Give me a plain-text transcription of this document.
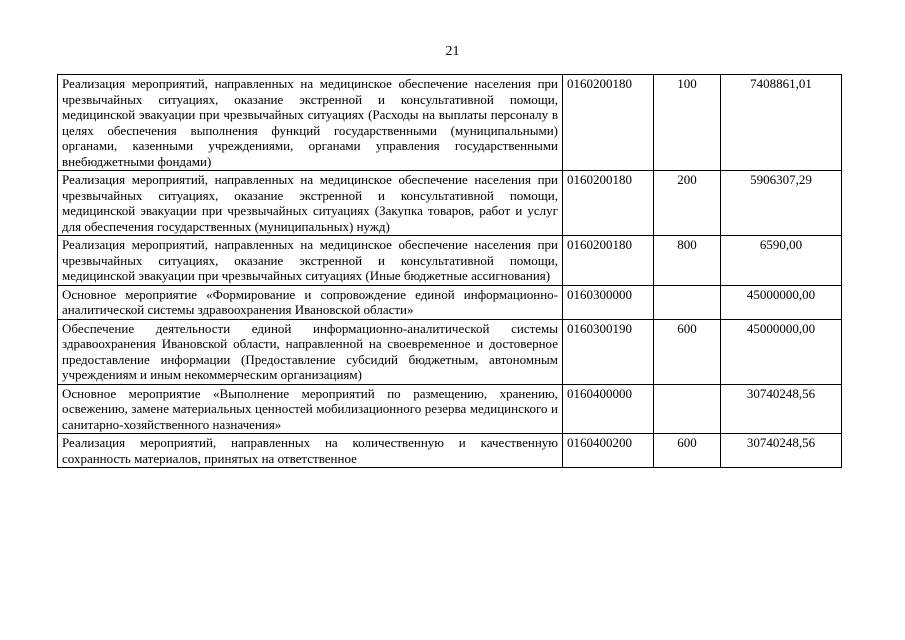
21
Реализация мероприятий, направленных на медицинское обеспечение населения при чрезвычайных ситуациях, оказание экстренной и консультативной помощи, медицинской эвакуации при чрезвычайных ситуациях (Расходы на выплаты персоналу в целях обеспечения выполнения функций государственными (муниципальными) органами, казенными учреждениями, органами управления государственными внебюджетными фондами)	0160200180	100	7408861,01
Реализация мероприятий, направленных на медицинское обеспечение населения при чрезвычайных ситуациях, оказание экстренной и консультативной помощи, медицинской эвакуации при чрезвычайных ситуациях (Закупка товаров, работ и услуг для обеспечения государственных (муниципальных) нужд)	0160200180	200	5906307,29
Реализация мероприятий, направленных на медицинское обеспечение населения при чрезвычайных ситуациях, оказание экстренной и консультативной помощи, медицинской эвакуации при чрезвычайных ситуациях (Иные бюджетные ассигнования)	0160200180	800	6590,00
Основное мероприятие «Формирование и сопровождение единой информационно-аналитической системы здравоохранения Ивановской области»	0160300000		45000000,00
Обеспечение деятельности единой информационно-аналитической системы здравоохранения Ивановской области, направленной на своевременное и достоверное предоставление информации (Предоставление субсидий бюджетным, автономным учреждениям и иным некоммерческим организациям)	0160300190	600	45000000,00
Основное мероприятие «Выполнение мероприятий по размещению, хранению, освежению, замене материальных ценностей мобилизационного резерва медицинского и санитарно-хозяйственного назначения»	0160400000		30740248,56
Реализация мероприятий, направленных на количественную и качественную сохранность материалов, принятых на ответственное	0160400200	600	30740248,56
